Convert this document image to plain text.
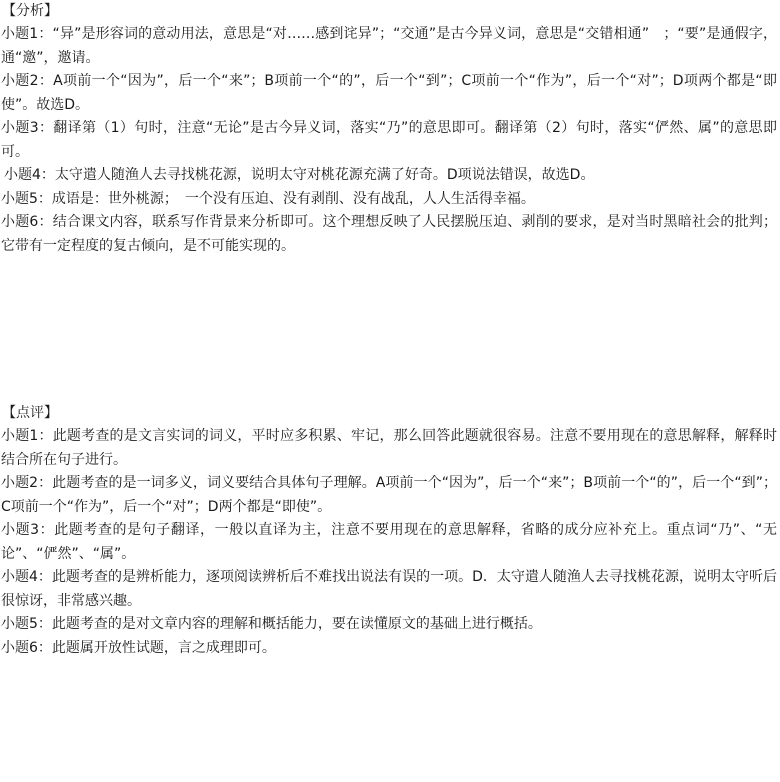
【分析】

小题1：“异”是形容词的意动用法，意思是“对……感到诧异”；“交通”是古今异义词，意思是“交错相通”　；“要”是通假字，通“邀”，邀请。

小题2：A项前一个“因为”，后一个“来”；B项前一个“的”，后一个“到”；C项前一个“作为”，后一个“对”；D项两个都是“即使”。故选D。

小题3：翻译第（1）句时，注意“无论”是古今异义词，落实“乃”的意思即可。翻译第（2）句时，落实“俨然、属”的意思即可。

小题4：太守遣人随渔人去寻找桃花源，说明太守对桃花源充满了好奇。D项说法错误，故选D。

小题5：成语是：世外桃源；　一个没有压迫、没有剥削、没有战乱，人人生活得幸福。

小题6：结合课文内容，联系写作背景来分析即可。这个理想反映了人民摆脱压迫、剥削的要求，是对当时黑暗社会的批判；它带有一定程度的复古倾向，是不可能实现的。

【点评】

小题1：此题考查的是文言实词的词义，平时应多积累、牢记，那么回答此题就很容易。注意不要用现在的意思解释，解释时结合所在句子进行。

小题2：此题考查的是一词多义，词义要结合具体句子理解。A项前一个“因为”，后一个“来”；B项前一个“的”，后一个“到”；C项前一个“作为”，后一个“对”；D两个都是“即使”。

小题3：此题考查的是句子翻译，一般以直译为主，注意不要用现在的意思解释，省略的成分应补充上。重点词“乃”、“无论”、“俨然”、“属”。

小题4：此题考查的是辨析能力，逐项阅读辨析后不难找出说法有误的一项。D．太守遣人随渔人去寻找桃花源，说明太守听后很惊讶，非常感兴趣。

小题5：此题考查的是对文章内容的理解和概括能力，要在读懂原文的基础上进行概括。

小题6：此题属开放性试题，言之成理即可。
